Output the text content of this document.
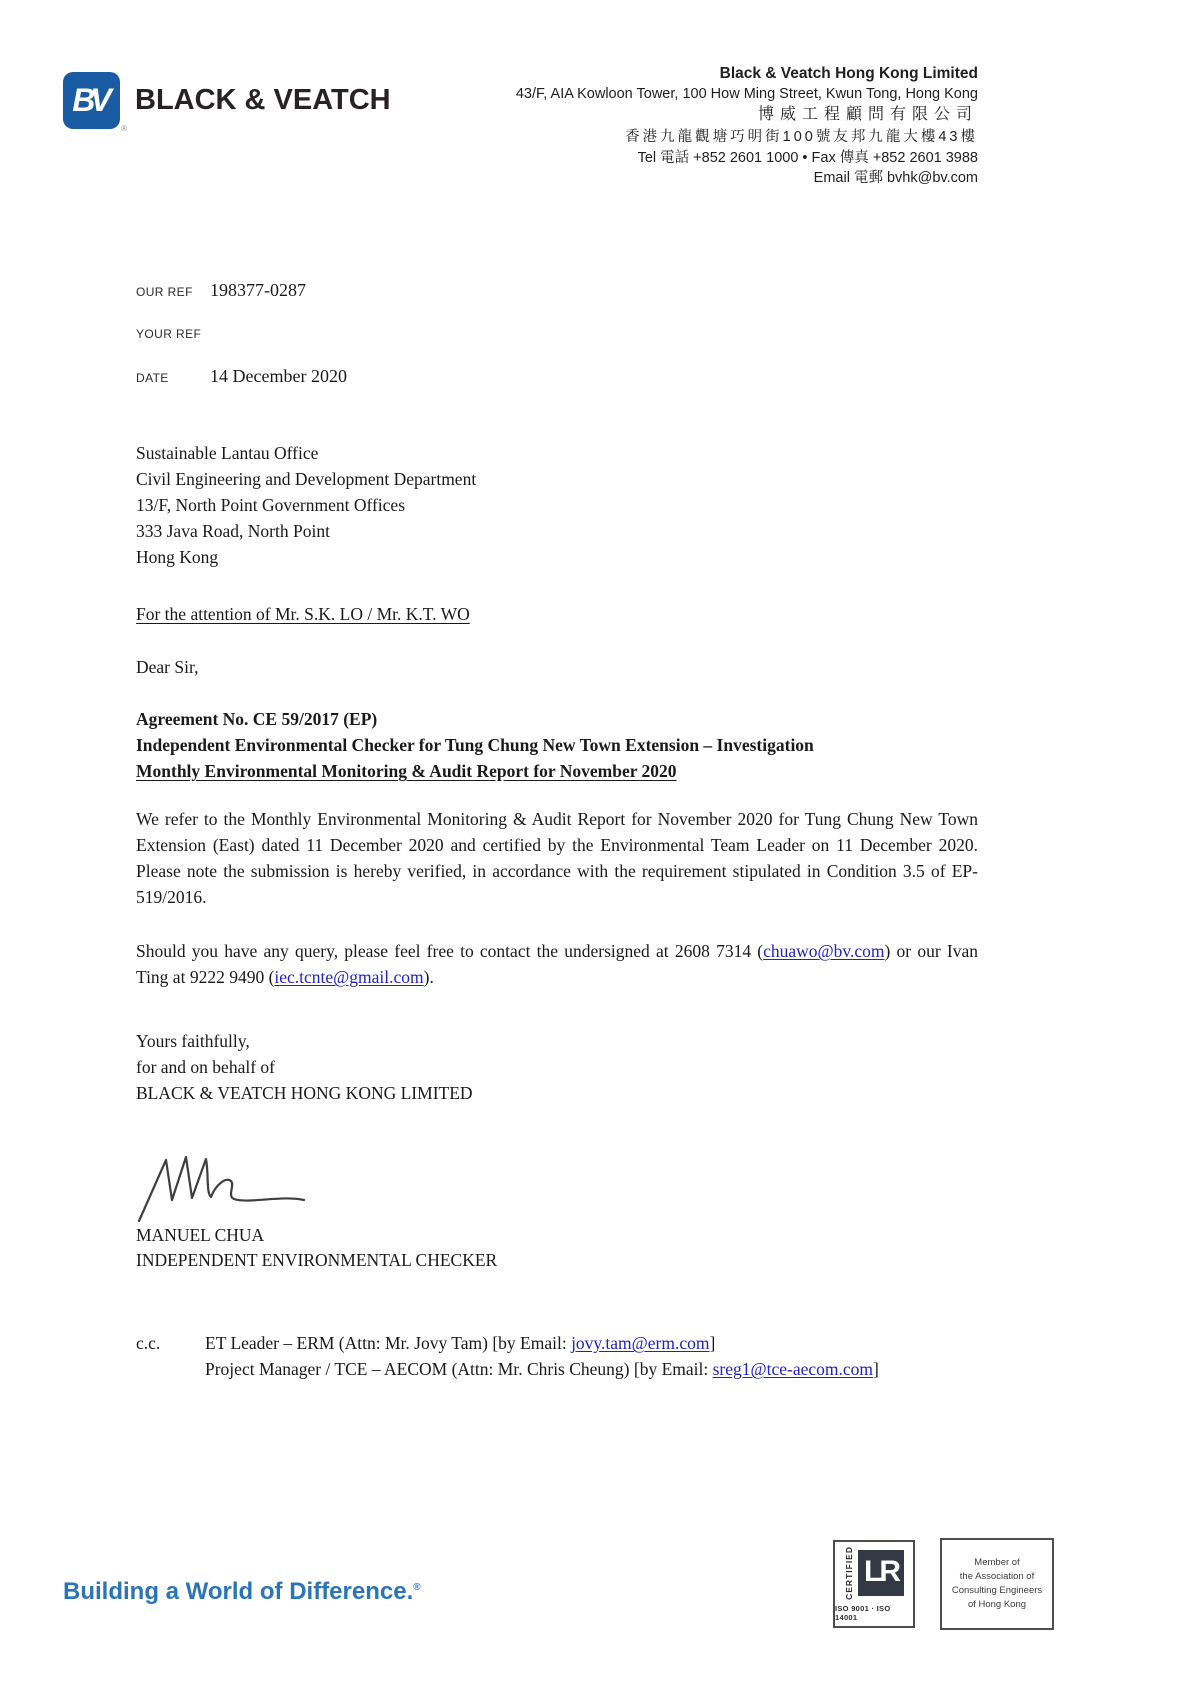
BV
®
BLACK & VEATCH
Black & Veatch Hong Kong Limited
43/F, AIA Kowloon Tower, 100 How Ming Street, Kwun Tong, Hong Kong
博威工程顧問有限公司
香港九龍觀塘巧明街100號友邦九龍大樓43樓
Tel 電話 +852 2601 1000 • Fax 傳真 +852 2601 3988
Email 電郵 bvhk@bv.com
OUR REF 198377-0287
YOUR REF
DATE	14 December 2020
Sustainable Lantau Office
Civil Engineering and Development Department
13/F, North Point Government Offices
333 Java Road, North Point
Hong Kong
For the attention of Mr. S.K. LO / Mr. K.T. WO
Dear Sir,
Agreement No. CE 59/2017 (EP)
Independent Environmental Checker for Tung Chung New Town Extension – Investigation
Monthly Environmental Monitoring & Audit Report for November 2020
We refer to the Monthly Environmental Monitoring & Audit Report for November 2020 for Tung Chung New Town Extension (East) dated 11 December 2020 and certified by the Environmental Team Leader on 11 December 2020. Please note the submission is hereby verified, in accordance with the requirement stipulated in Condition 3.5 of EP-519/2016.
Should you have any query, please feel free to contact the undersigned at 2608 7314 (chuawo@bv.com) or our Ivan Ting at 9222 9490 (iec.tcnte@gmail.com).
Yours faithfully,
for and on behalf of
BLACK & VEATCH HONG KONG LIMITED
MANUEL CHUA
INDEPENDENT ENVIRONMENTAL CHECKER
c.c.	ET Leader – ERM (Attn: Mr. Jovy Tam) [by Email: jovy.tam@erm.com]
Project Manager / TCE – AECOM (Attn: Mr. Chris Cheung) [by Email: sreg1@tce-aecom.com]
Building a World of Difference.®	CERTIFIED LR
ISO 9001 · ISO 14001
Member of
the Association of
Consulting Engineers
of Hong Kong
